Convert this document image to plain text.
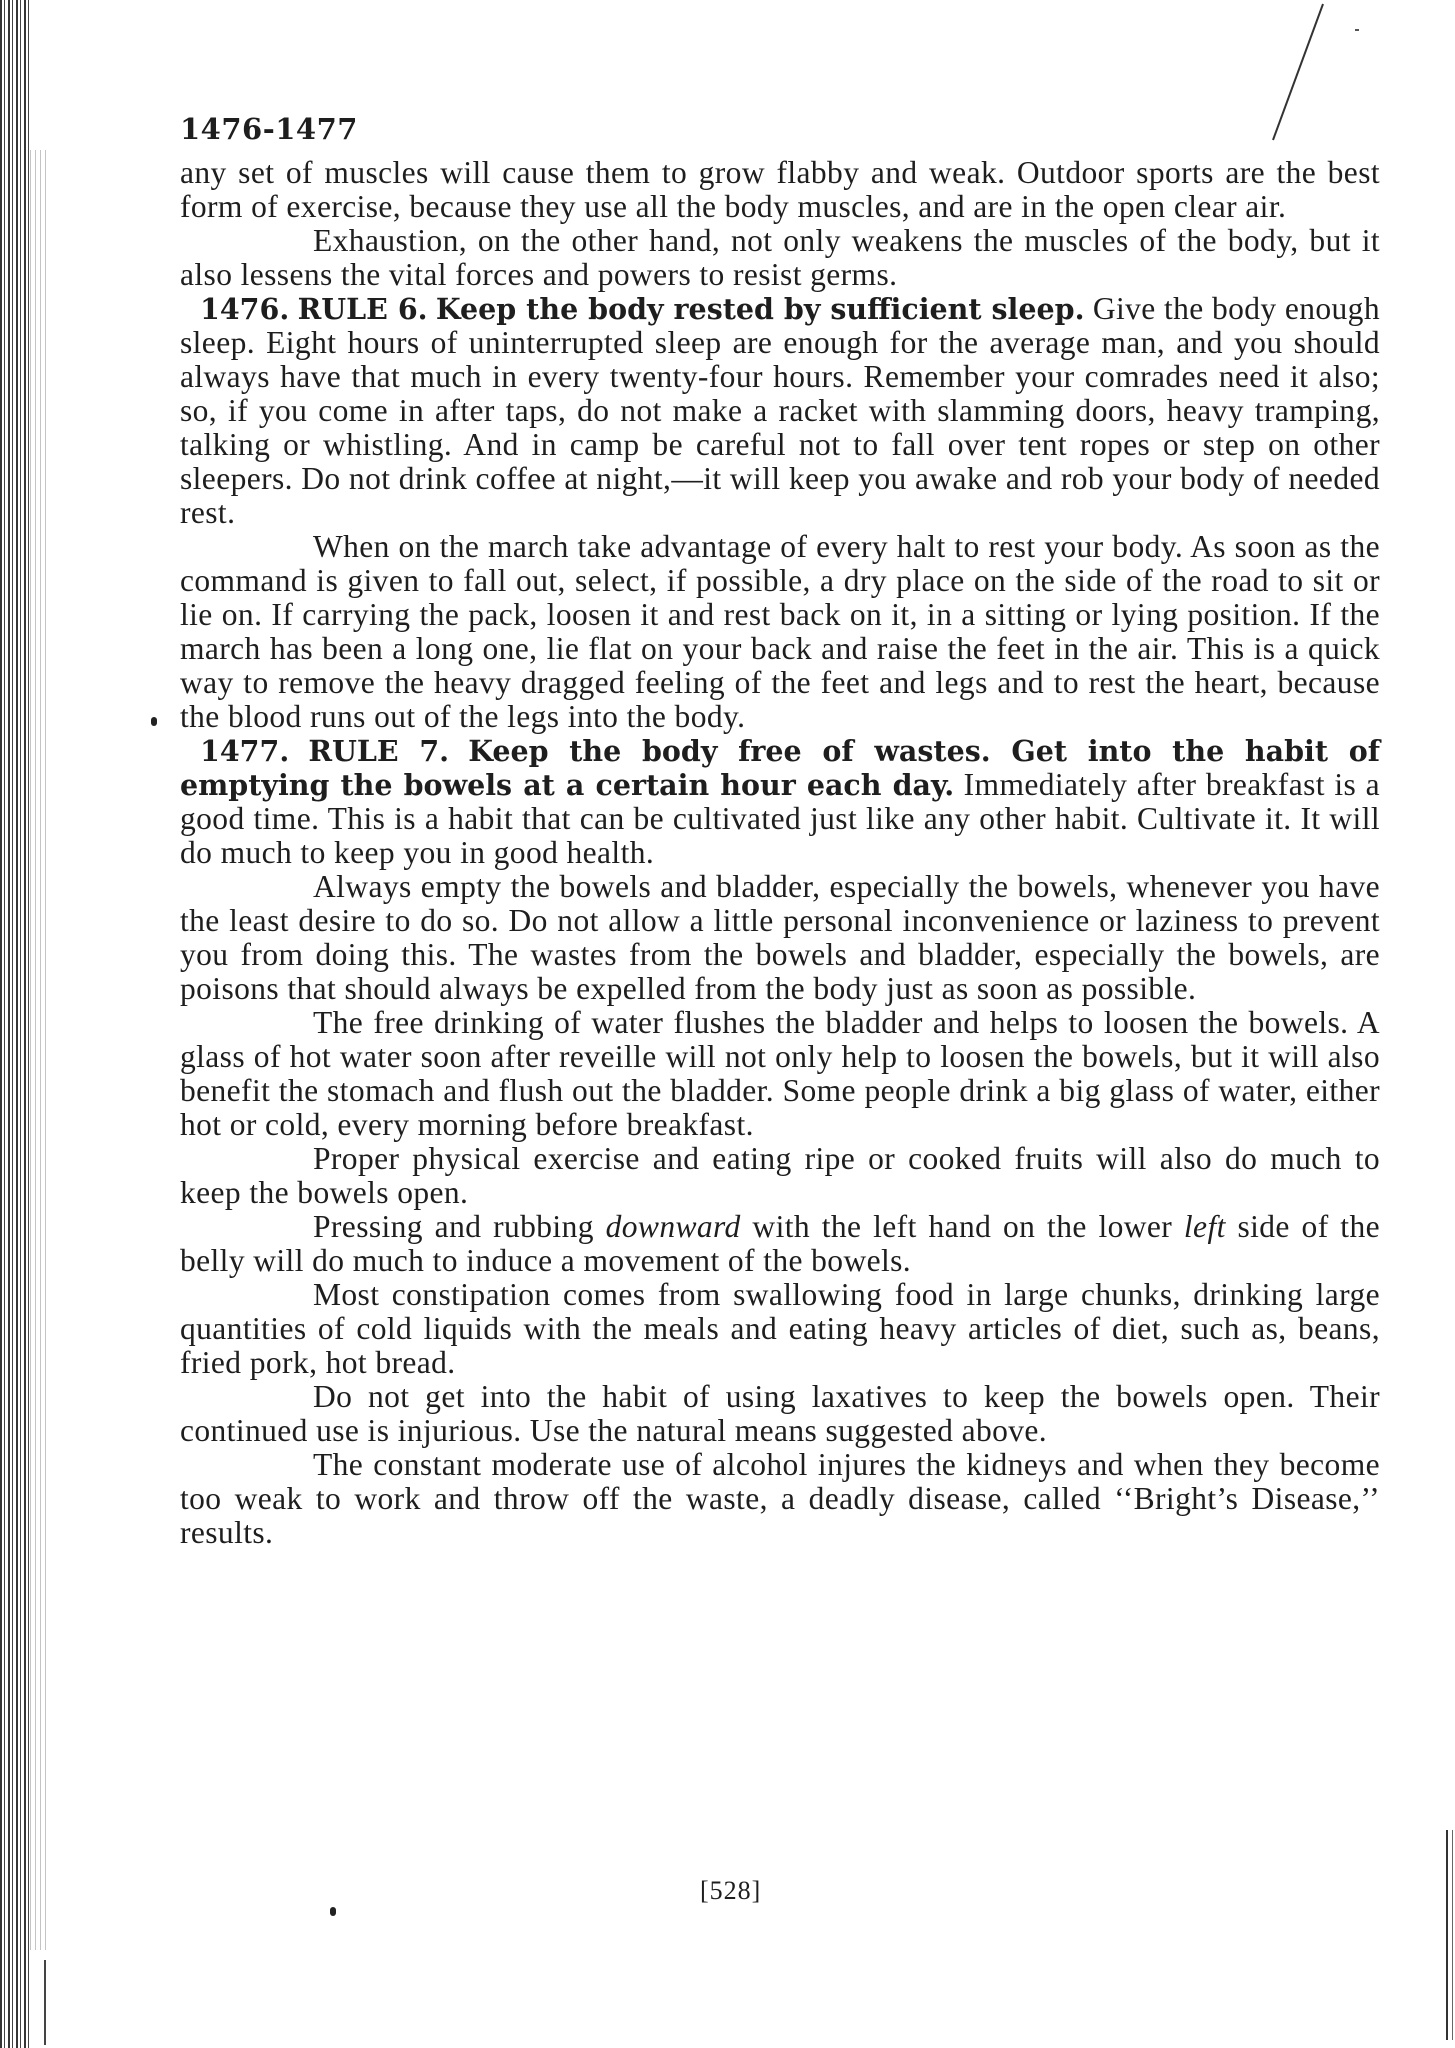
1476-1477

any set of muscles will cause them to grow flabby and weak. Outdoor sports are the best form of exercise, because they use all the body muscles, and are in the open clear air.

Exhaustion, on the other hand, not only weakens the muscles of the body, but it also lessens the vital forces and powers to resist germs.

1476. RULE 6. Keep the body rested by sufficient sleep. Give the body enough sleep. Eight hours of uninterrupted sleep are enough for the average man, and you should always have that much in every twenty-four hours. Remember your comrades need it also; so, if you come in after taps, do not make a racket with slamming doors, heavy tramping, talking or whistling. And in camp be careful not to fall over tent ropes or step on other sleepers. Do not drink coffee at night,—it will keep you awake and rob your body of needed rest.

When on the march take advantage of every halt to rest your body. As soon as the command is given to fall out, select, if possible, a dry place on the side of the road to sit or lie on. If carrying the pack, loosen it and rest back on it, in a sitting or lying position. If the march has been a long one, lie flat on your back and raise the feet in the air. This is a quick way to remove the heavy dragged feeling of the feet and legs and to rest the heart, because the blood runs out of the legs into the body.

1477. RULE 7. Keep the body free of wastes. Get into the habit of emptying the bowels at a certain hour each day. Immediately after breakfast is a good time. This is a habit that can be cultivated just like any other habit. Cultivate it. It will do much to keep you in good health.

Always empty the bowels and bladder, especially the bowels, whenever you have the least desire to do so. Do not allow a little personal inconvenience or laziness to prevent you from doing this. The wastes from the bowels and bladder, especially the bowels, are poisons that should always be expelled from the body just as soon as possible.

The free drinking of water flushes the bladder and helps to loosen the bowels. A glass of hot water soon after reveille will not only help to loosen the bowels, but it will also benefit the stomach and flush out the bladder. Some people drink a big glass of water, either hot or cold, every morning before breakfast.

Proper physical exercise and eating ripe or cooked fruits will also do much to keep the bowels open.

Pressing and rubbing downward with the left hand on the lower left side of the belly will do much to induce a movement of the bowels.

Most constipation comes from swallowing food in large chunks, drinking large quantities of cold liquids with the meals and eating heavy articles of diet, such as, beans, fried pork, hot bread.

Do not get into the habit of using laxatives to keep the bowels open. Their continued use is injurious. Use the natural means suggested above.

The constant moderate use of alcohol injures the kidneys and when they become too weak to work and throw off the waste, a deadly disease, called ‘‘Bright’s Disease,’’ results.

[528]
